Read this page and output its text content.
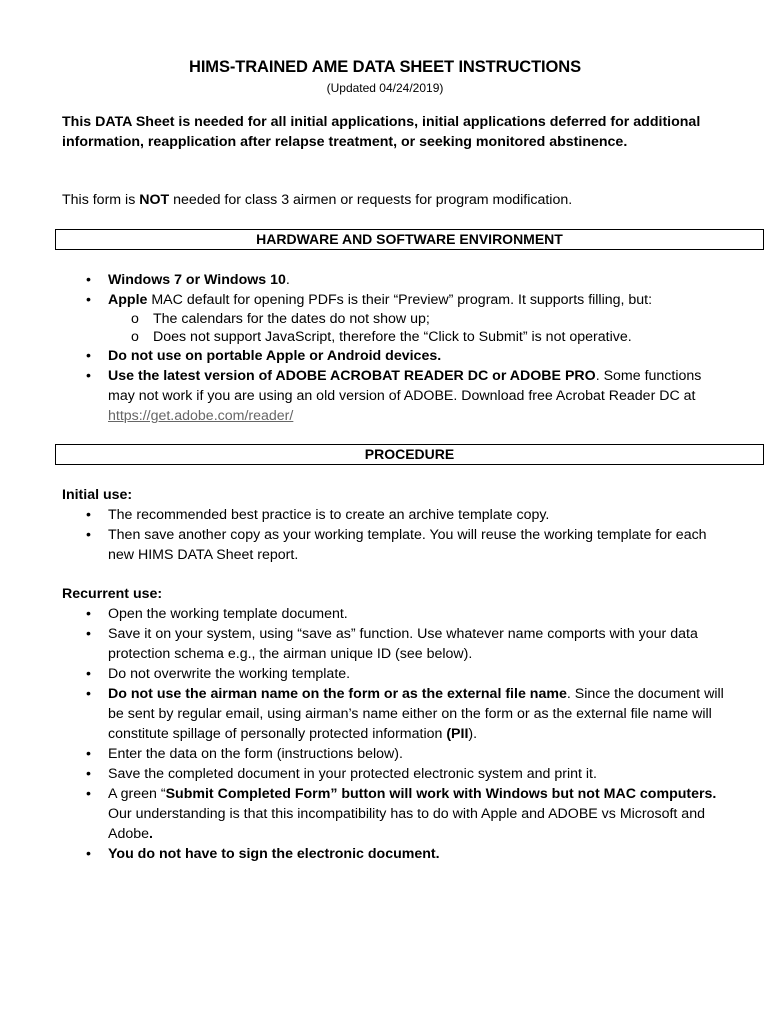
HIMS-TRAINED AME DATA SHEET INSTRUCTIONS
(Updated 04/24/2019)
This DATA Sheet is needed for all initial applications, initial applications deferred for additional information, reapplication after relapse treatment, or seeking monitored abstinence.
This form is NOT needed for class 3 airmen or requests for program modification.
HARDWARE AND SOFTWARE ENVIRONMENT
• Windows 7 or Windows 10.
• Apple MAC default for opening PDFs is their “Preview” program. It supports filling, but:
o The calendars for the dates do not show up;
o Does not support JavaScript, therefore the “Click to Submit” is not operative.
• Do not use on portable Apple or Android devices.
• Use the latest version of ADOBE ACROBAT READER DC or ADOBE PRO. Some functions may not work if you are using an old version of ADOBE. Download free Acrobat Reader DC at https://get.adobe.com/reader/
PROCEDURE
Initial use:
• The recommended best practice is to create an archive template copy.
• Then save another copy as your working template. You will reuse the working template for each new HIMS DATA Sheet report.
Recurrent use:
• Open the working template document.
• Save it on your system, using “save as” function. Use whatever name comports with your data protection schema e.g., the airman unique ID (see below).
• Do not overwrite the working template.
• Do not use the airman name on the form or as the external file name. Since the document will be sent by regular email, using airman’s name either on the form or as the external file name will constitute spillage of personally protected information (PII).
• Enter the data on the form (instructions below).
• Save the completed document in your protected electronic system and print it.
• A green “Submit Completed Form” button will work with Windows but not MAC computers.
Our understanding is that this incompatibility has to do with Apple and ADOBE vs Microsoft and Adobe.
• You do not have to sign the electronic document.
